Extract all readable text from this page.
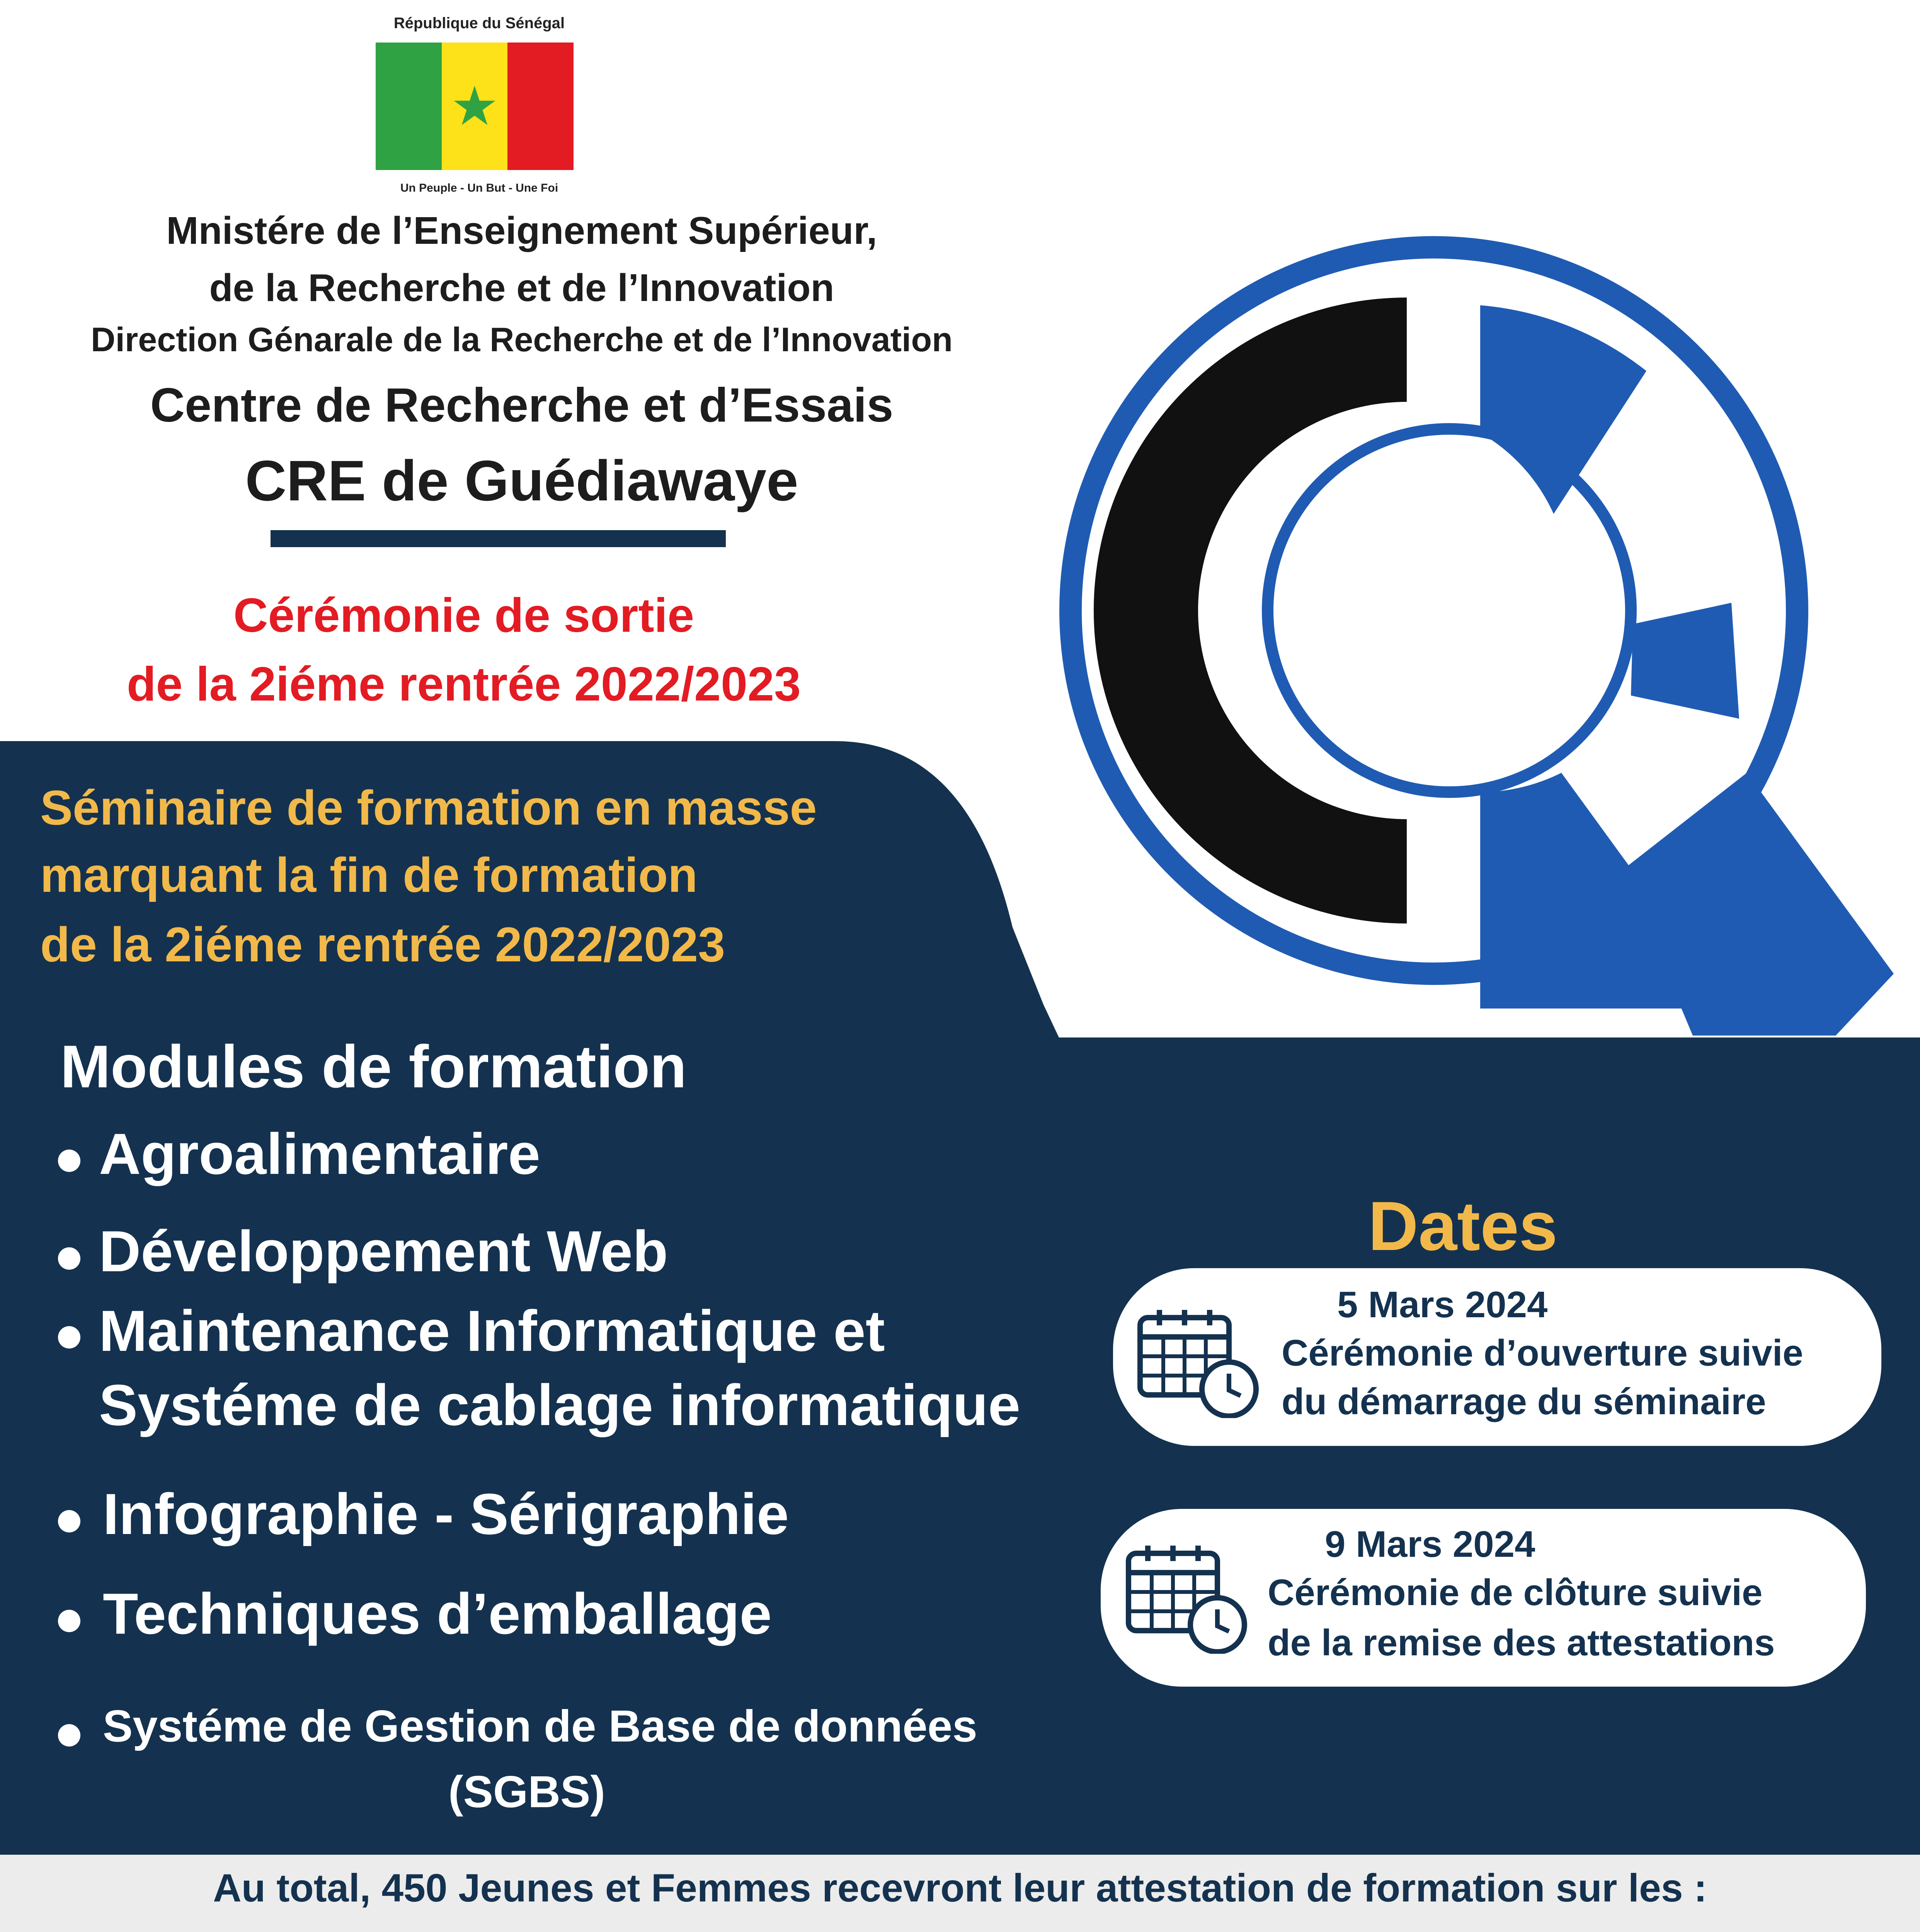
République du Sénégal
★
Un Peuple - Un But - Une Foi
Mnistére de l’Enseignement Supérieur,
de la Recherche et de l’Innovation
Direction Génarale de la Recherche et de l’Innovation
Centre de Recherche et d’Essais
CRE de Guédiawaye
Cérémonie de sortie
de la 2iéme rentrée 2022/2023
Séminaire de formation en masse
marquant la fin de formation
de la 2iéme rentrée 2022/2023
Modules de formation
Agroalimentaire
Développement Web
Maintenance Informatique et
Systéme de cablage informatique
Infographie - Sérigraphie
Techniques d’emballage
Systéme de Gestion de Base de données
(SGBS)
Dates
5 Mars 2024
Cérémonie d’ouverture suivie
du démarrage du séminaire
9 Mars 2024
Cérémonie de clôture suivie
de la remise des attestations
Au total, 450 Jeunes et Femmes recevront leur attestation de formation sur les :
